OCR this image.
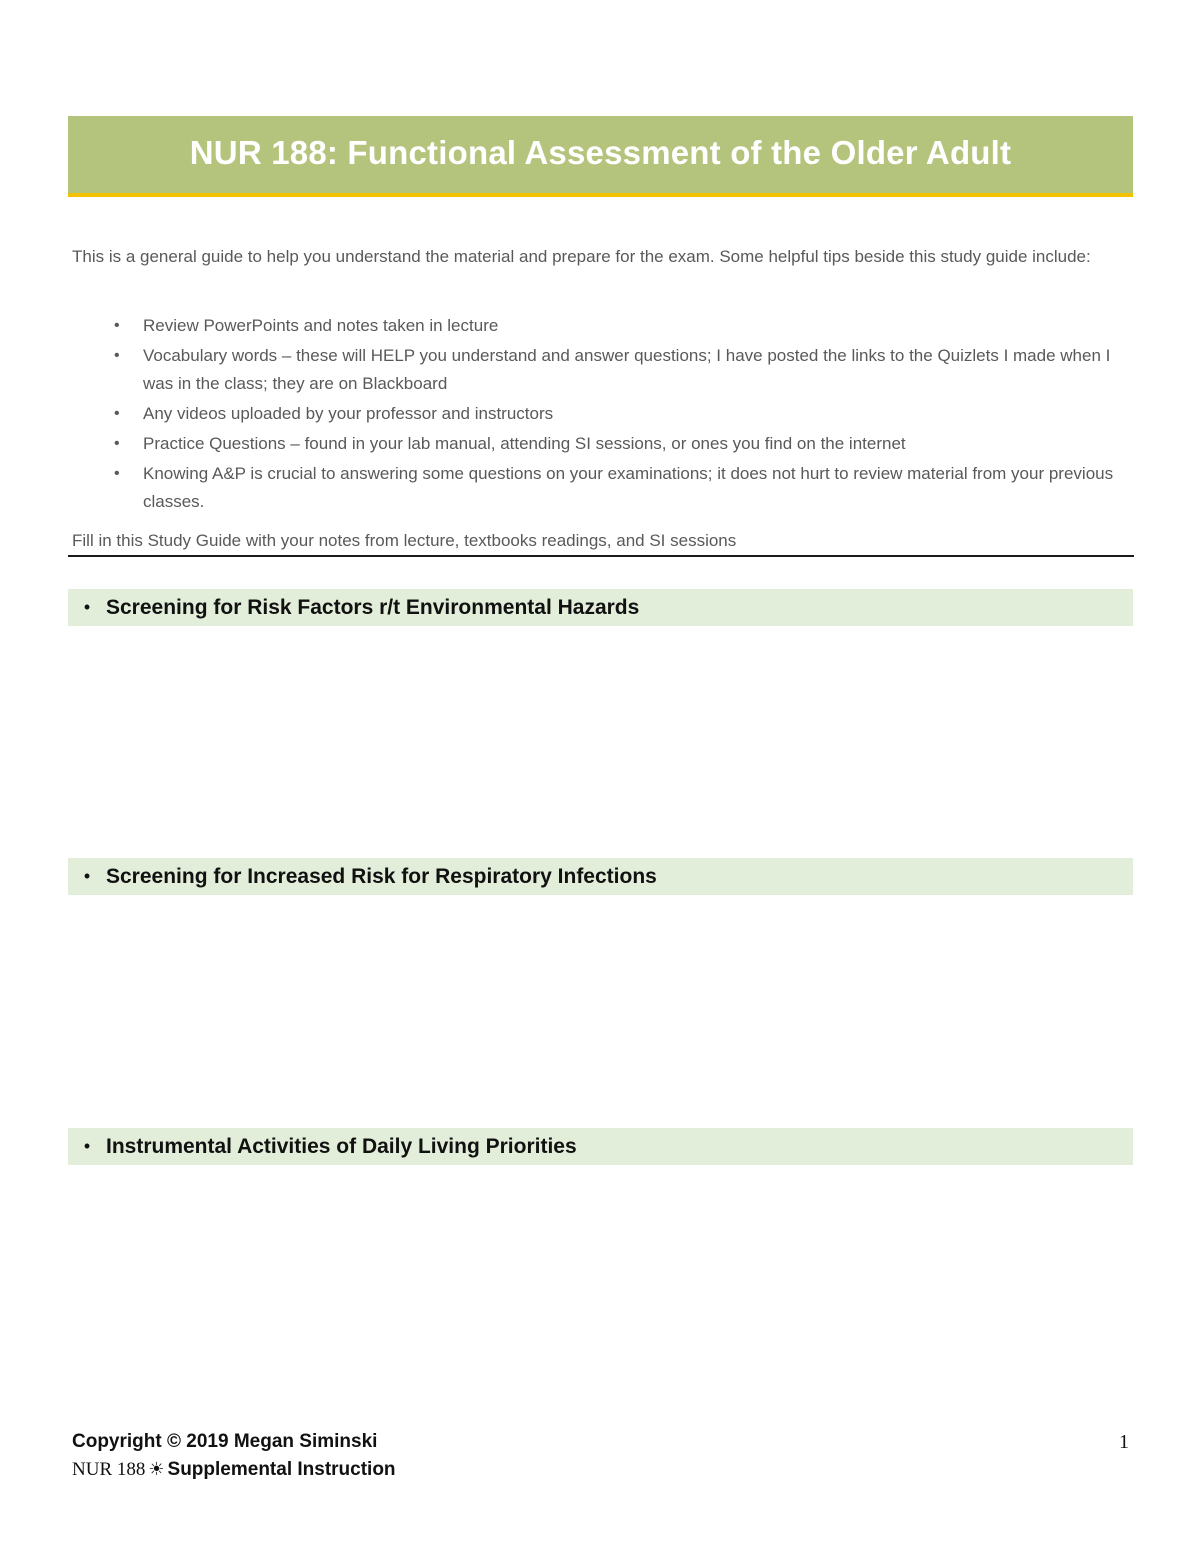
NUR 188: Functional Assessment of the Older Adult
This is a general guide to help you understand the material and prepare for the exam. Some helpful tips beside this study guide include:
• Review PowerPoints and notes taken in lecture
• Vocabulary words – these will HELP you understand and answer questions; I have posted the links to the Quizlets I made when I was in the class; they are on Blackboard
• Any videos uploaded by your professor and instructors
• Practice Questions – found in your lab manual, attending SI sessions, or ones you find on the internet
• Knowing A&P is crucial to answering some questions on your examinations; it does not hurt to review material from your previous classes.
Fill in this Study Guide with your notes from lecture, textbooks readings, and SI sessions
• Screening for Risk Factors r/t Environmental Hazards
• Screening for Increased Risk for Respiratory Infections
• Instrumental Activities of Daily Living Priorities
Copyright © 2019 Megan Siminski
NUR 188 ☀ Supplemental Instruction
1
